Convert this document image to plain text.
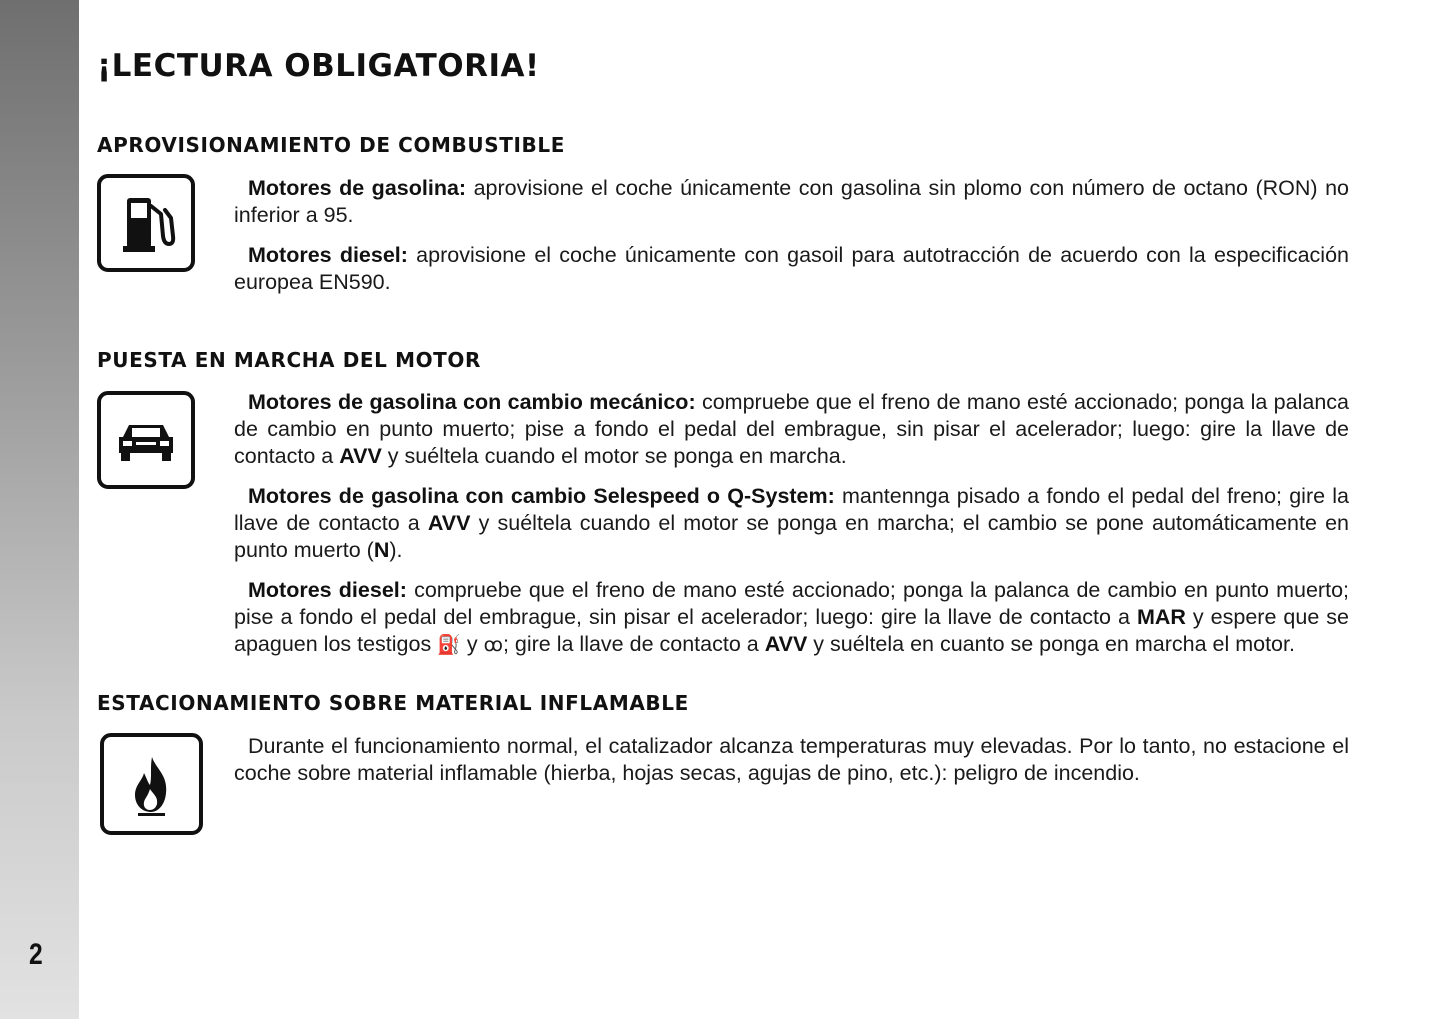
2
¡LECTURA OBLIGATORIA!
APROVISIONAMIENTO DE COMBUSTIBLE

Motores de gasolina: aprovisione el coche únicamente con gasolina sin plomo con número de octano (RON) no inferior a 95.

Motores diesel: aprovisione el coche únicamente con gasoil para autotracción de acuerdo con la especificación europea EN590.

PUESTA EN MARCHA DEL MOTOR

Motores de gasolina con cambio mecánico: compruebe que el freno de mano esté accionado; ponga la palanca de cambio en punto muerto; pise a fondo el pedal del embrague, sin pisar el acelerador; luego: gire la llave de contacto a AVV y suéltela cuando el motor se ponga en marcha.

Motores de gasolina con cambio Selespeed o Q-System: mantennga pisado a fondo el pedal del freno; gire la llave de contacto a AVV y suéltela cuando el motor se ponga en marcha; el cambio se pone automáticamente en punto muerto (N).

Motores diesel: compruebe que el freno de mano esté accionado; ponga la palanca de cambio en punto muerto; pise a fondo el pedal del embrague, sin pisar el acelerador; luego: gire la llave de contacto a MAR y espere que se apaguen los testigos ⛽ y ꝏ; gire la llave de contacto a AVV y suéltela en cuanto se ponga en marcha el motor.

ESTACIONAMIENTO SOBRE MATERIAL INFLAMABLE

Durante el funcionamiento normal, el catalizador alcanza temperaturas muy elevadas. Por lo tanto, no estacione el coche sobre material inflamable (hierba, hojas secas, agujas de pino, etc.): peligro de incendio.
